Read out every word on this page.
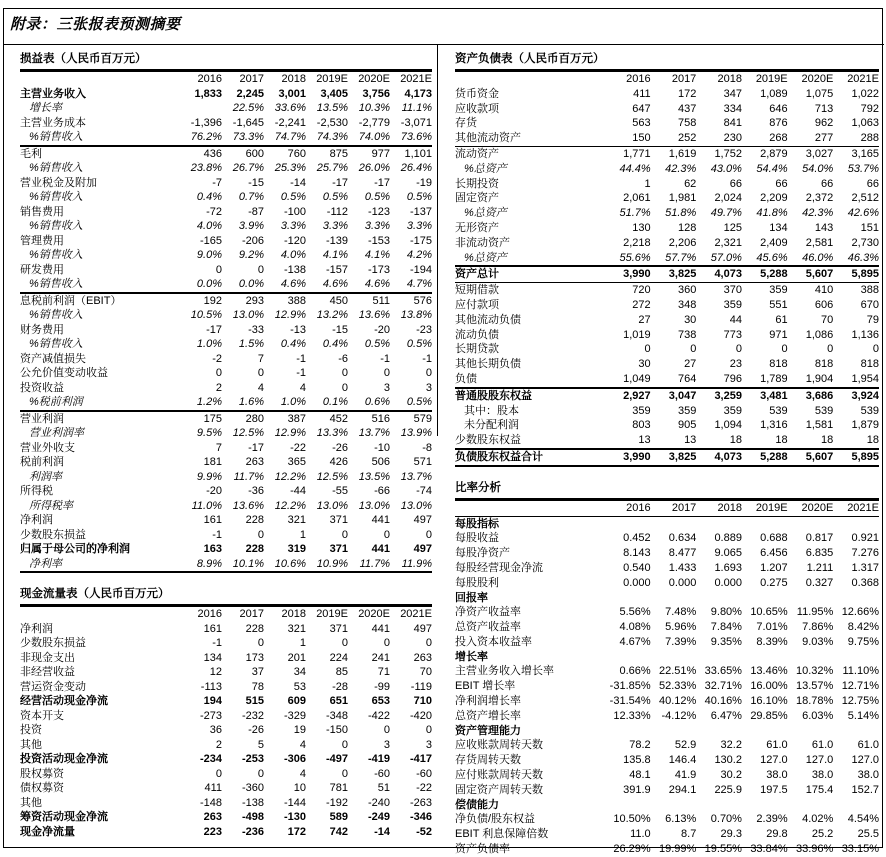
附录：三张报表预测摘要
损益表（人民币百万元）
	2016	2017	2018	2019E	2020E	2021E
主营业务收入	1,833	2,245	3,001	3,405	3,756	4,173
增长率		22.5%	33.6%	13.5%	10.3%	11.1%
主营业务成本	-1,396	-1,645	-2,241	-2,530	-2,779	-3,071
%销售收入	76.2%	73.3%	74.7%	74.3%	74.0%	73.6%
毛利	436	600	760	875	977	1,101
%销售收入	23.8%	26.7%	25.3%	25.7%	26.0%	26.4%
营业税金及附加	-7	-15	-14	-17	-17	-19
%销售收入	0.4%	0.7%	0.5%	0.5%	0.5%	0.5%
销售费用	-72	-87	-100	-112	-123	-137
%销售收入	4.0%	3.9%	3.3%	3.3%	3.3%	3.3%
管理费用	-165	-206	-120	-139	-153	-175
%销售收入	9.0%	9.2%	4.0%	4.1%	4.1%	4.2%
研发费用	0	0	-138	-157	-173	-194
%销售收入	0.0%	0.0%	4.6%	4.6%	4.6%	4.7%
息税前利润（EBIT）	192	293	388	450	511	576
%销售收入	10.5%	13.0%	12.9%	13.2%	13.6%	13.8%
财务费用	-17	-33	-13	-15	-20	-23
%销售收入	1.0%	1.5%	0.4%	0.4%	0.5%	0.5%
资产减值损失	-2	7	-1	-6	-1	-1
公允价值变动收益	0	0	-1	0	0	0
投资收益	2	4	4	0	3	3
%税前利润	1.2%	1.6%	1.0%	0.1%	0.6%	0.5%
营业利润	175	280	387	452	516	579
营业利润率	9.5%	12.5%	12.9%	13.3%	13.7%	13.9%
营业外收支	7	-17	-22	-26	-10	-8
税前利润	181	263	365	426	506	571
利润率	9.9%	11.7%	12.2%	12.5%	13.5%	13.7%
所得税	-20	-36	-44	-55	-66	-74
所得税率	11.0%	13.6%	12.2%	13.0%	13.0%	13.0%
净利润	161	228	321	371	441	497
少数股东损益	-1	0	1	0	0	0
归属于母公司的净利润	163	228	319	371	441	497
净利率	8.9%	10.1%	10.6%	10.9%	11.7%	11.9%
现金流量表（人民币百万元）
	2016	2017	2018	2019E	2020E	2021E
净利润	161	228	321	371	441	497
少数股东损益	-1	0	1	0	0	0
非现金支出	134	173	201	224	241	263
非经营收益	12	37	34	85	71	70
营运资金变动	-113	78	53	-28	-99	-119
经营活动现金净流	194	515	609	651	653	710
资本开支	-273	-232	-329	-348	-422	-420
投资	36	-26	19	-150	0	0
其他	2	5	4	0	3	3
投资活动现金净流	-234	-253	-306	-497	-419	-417
股权募资	0	0	4	0	-60	-60
债权募资	411	-360	10	781	51	-22
其他	-148	-138	-144	-192	-240	-263
筹资活动现金净流	263	-498	-130	589	-249	-346
现金净流量	223	-236	172	742	-14	-52
资产负债表（人民币百万元）
	2016	2017	2018	2019E	2020E	2021E
货币资金	411	172	347	1,089	1,075	1,022
应收款项	647	437	334	646	713	792
存货	563	758	841	876	962	1,063
其他流动资产	150	252	230	268	277	288
流动资产	1,771	1,619	1,752	2,879	3,027	3,165
%总资产	44.4%	42.3%	43.0%	54.4%	54.0%	53.7%
长期投资	1	62	66	66	66	66
固定资产	2,061	1,981	2,024	2,209	2,372	2,512
%总资产	51.7%	51.8%	49.7%	41.8%	42.3%	42.6%
无形资产	130	128	125	134	143	151
非流动资产	2,218	2,206	2,321	2,409	2,581	2,730
%总资产	55.6%	57.7%	57.0%	45.6%	46.0%	46.3%
资产总计	3,990	3,825	4,073	5,288	5,607	5,895
短期借款	720	360	370	359	410	388
应付款项	272	348	359	551	606	670
其他流动负债	27	30	44	61	70	79
流动负债	1,019	738	773	971	1,086	1,136
长期贷款	0	0	0	0	0	0
其他长期负债	30	27	23	818	818	818
负债	1,049	764	796	1,789	1,904	1,954
普通股股东权益	2,927	3,047	3,259	3,481	3,686	3,924
其中：股本	359	359	359	539	539	539
未分配利润	803	905	1,094	1,316	1,581	1,879
少数股东权益	13	13	18	18	18	18
负债股东权益合计	3,990	3,825	4,073	5,288	5,607	5,895
比率分析
	2016	2017	2018	2019E	2020E	2021E
每股指标						
每股收益	0.452	0.634	0.889	0.688	0.817	0.921
每股净资产	8.143	8.477	9.065	6.456	6.835	7.276
每股经营现金净流	0.540	1.433	1.693	1.207	1.211	1.317
每股股利	0.000	0.000	0.000	0.275	0.327	0.368
回报率						
净资产收益率	5.56%	7.48%	9.80%	10.65%	11.95%	12.66%
总资产收益率	4.08%	5.96%	7.84%	7.01%	7.86%	8.42%
投入资本收益率	4.67%	7.39%	9.35%	8.39%	9.03%	9.75%
增长率						
主营业务收入增长率	0.66%	22.51%	33.65%	13.46%	10.32%	11.10%
EBIT 增长率	-31.85%	52.33%	32.71%	16.00%	13.57%	12.71%
净利润增长率	-31.54%	40.12%	40.16%	16.10%	18.78%	12.75%
总资产增长率	12.33%	-4.12%	6.47%	29.85%	6.03%	5.14%
资产管理能力						
应收账款周转天数	78.2	52.9	32.2	61.0	61.0	61.0
存货周转天数	135.8	146.4	130.2	127.0	127.0	127.0
应付账款周转天数	48.1	41.9	30.2	38.0	38.0	38.0
固定资产周转天数	391.9	294.1	225.9	197.5	175.4	152.7
偿债能力						
净负债/股东权益	10.50%	6.13%	0.70%	2.39%	4.02%	4.54%
EBIT 利息保障倍数	11.0	8.7	29.3	29.8	25.2	25.5
资产负债率	26.29%	19.99%	19.55%	33.84%	33.96%	33.15%
